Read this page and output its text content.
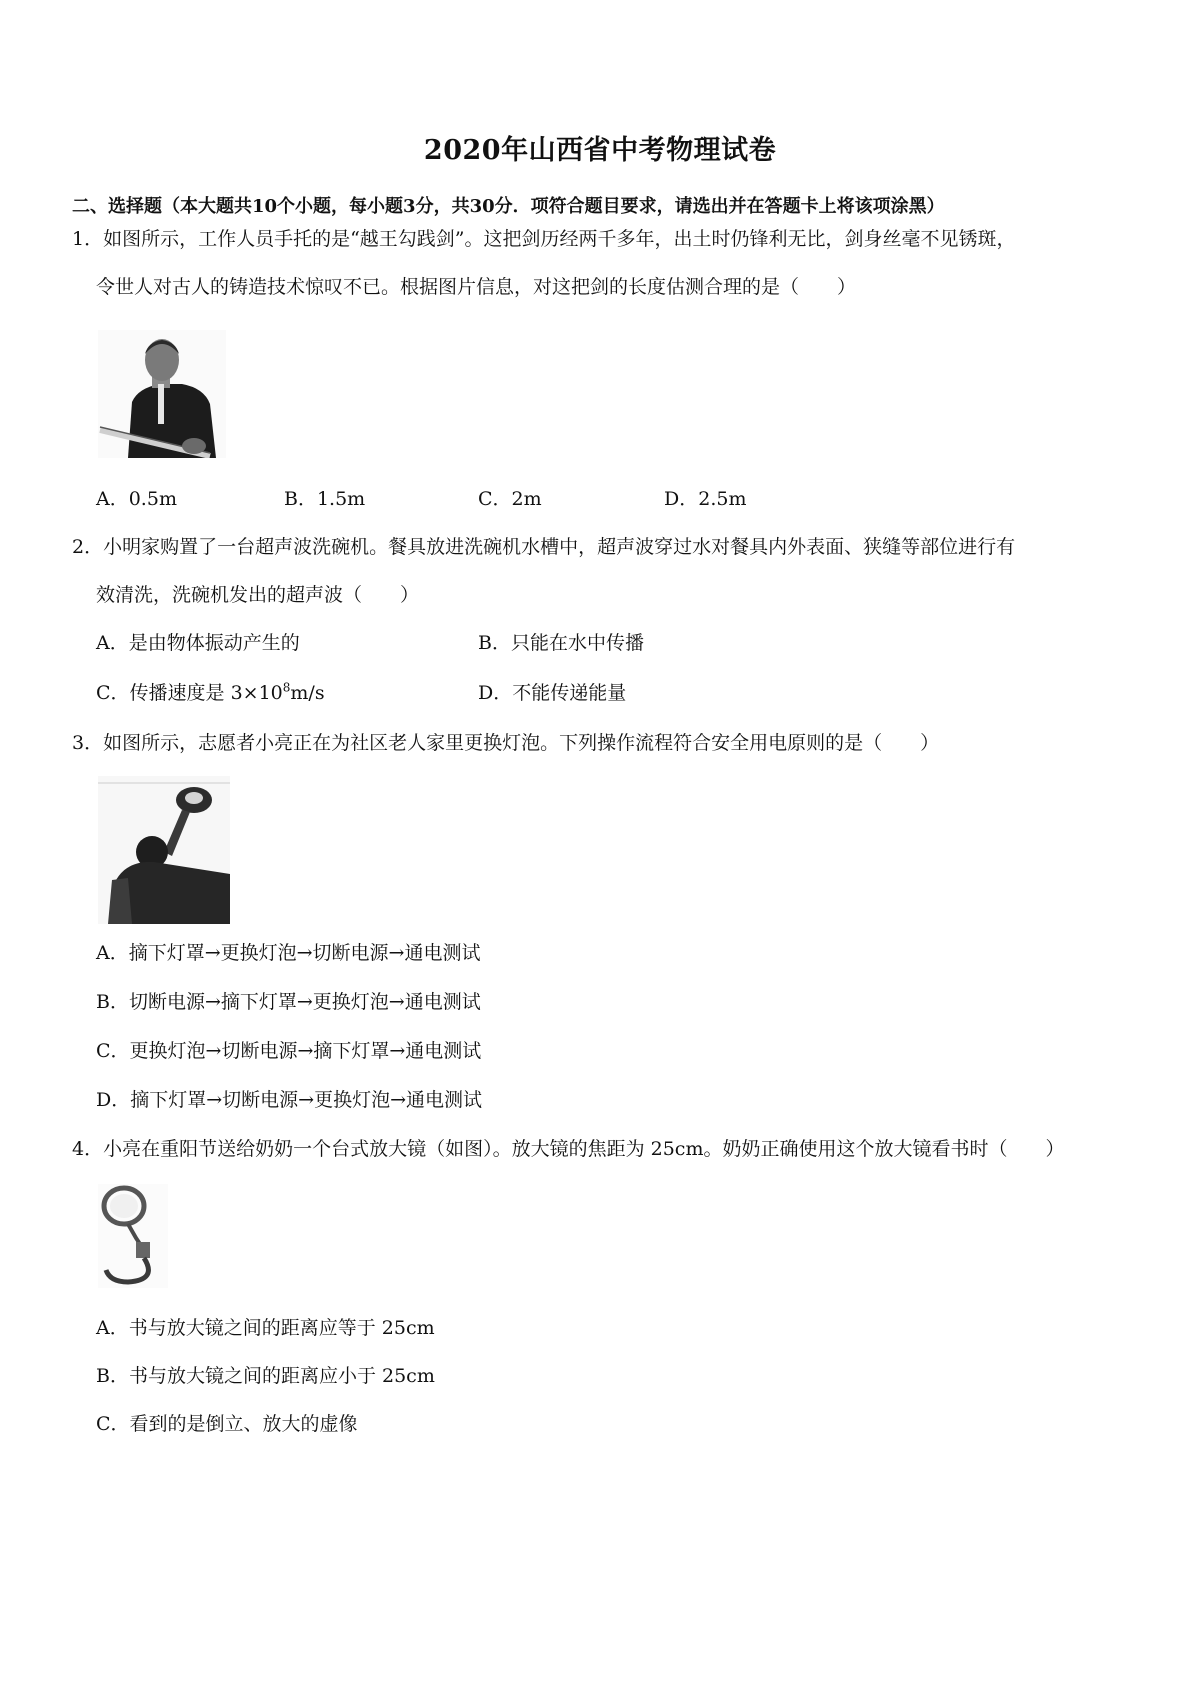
2020年山西省中考物理试卷
二、选择题（本大题共10个小题，每小题3分，共30分．项符合题目要求，请选出并在答题卡上将该项涂黑）
1．如图所示，工作人员手托的是“越王勾践剑”。这把剑历经两千多年，出土时仍锋利无比，剑身丝毫不见锈斑，
令世人对古人的铸造技术惊叹不已。根据图片信息，对这把剑的长度估测合理的是（　　）
A．0.5m	B．1.5m	C．2m	D．2.5m
2．小明家购置了一台超声波洗碗机。餐具放进洗碗机水槽中，超声波穿过水对餐具内外表面、狭缝等部位进行有
效清洗，洗碗机发出的超声波（　　）
A．是由物体振动产生的	B．只能在水中传播
C．传播速度是 $3\times 10^8m/s$	D．不能传递能量
3．如图所示，志愿者小亮正在为社区老人家里更换灯泡。下列操作流程符合安全用电原则的是（　　）
A．摘下灯罩→更换灯泡→切断电源→通电测试
B．切断电源→摘下灯罩→更换灯泡→通电测试
C．更换灯泡→切断电源→摘下灯罩→通电测试
D．摘下灯罩→切断电源→更换灯泡→通电测试
4．小亮在重阳节送给奶奶一个台式放大镜（如图）。放大镜的焦距为 25cm。奶奶正确使用这个放大镜看书时（　　）
A．书与放大镜之间的距离应等于 25cm
B．书与放大镜之间的距离应小于 25cm
C．看到的是倒立、放大的虚像
